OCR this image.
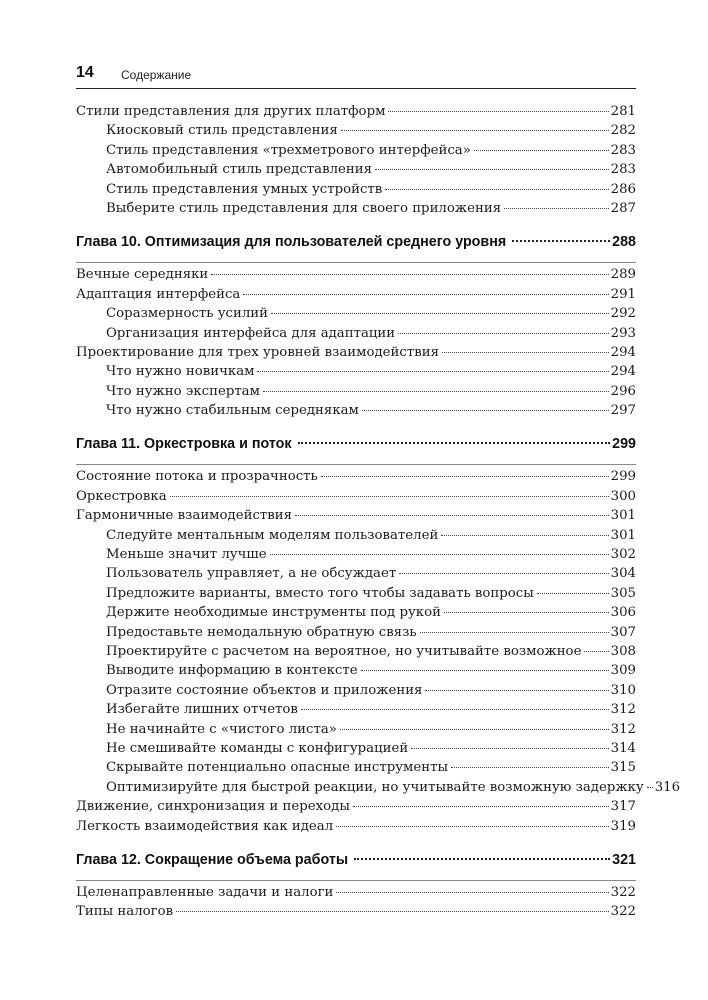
14 Содержание
Стили представления для других платформ	281
Киосковый стиль представления	282
Стиль представления «трехметрового интерфейса»	283
Автомобильный стиль представления	283
Стиль представления умных устройств	286
Выберите стиль представления для своего приложения	287
Глава 10. Оптимизация для пользователей среднего уровня	288
Вечные середняки	289
Адаптация интерфейса	291
Соразмерность усилий	292
Организация интерфейса для адаптации	293
Проектирование для трех уровней взаимодействия	294
Что нужно новичкам	294
Что нужно экспертам	296
Что нужно стабильным середнякам	297
Глава 11. Оркестровка и поток	299
Состояние потока и прозрачность	299
Оркестровка	300
Гармоничные взаимодействия	301
Следуйте ментальным моделям пользователей	301
Меньше значит лучше	302
Пользователь управляет, а не обсуждает	304
Предложите варианты, вместо того чтобы задавать вопросы	305
Держите необходимые инструменты под рукой	306
Предоставьте немодальную обратную связь	307
Проектируйте с расчетом на вероятное, но учитывайте возможное 308
Выводите информацию в контексте	309
Отразите состояние объектов и приложения	310
Избегайте лишних отчетов	312
Не начинайте с «чистого листа»	312
Не смешивайте команды с конфигурацией	314
Скрывайте потенциально опасные инструменты	315
Оптимизируйте для быстрой реакции, но учитывайте возможную задержку 316
Движение, синхронизация и переходы	317
Легкость взаимодействия как идеал	319
Глава 12. Сокращение объема работы	321
Целенаправленные задачи и налоги	322
Типы налогов	322
